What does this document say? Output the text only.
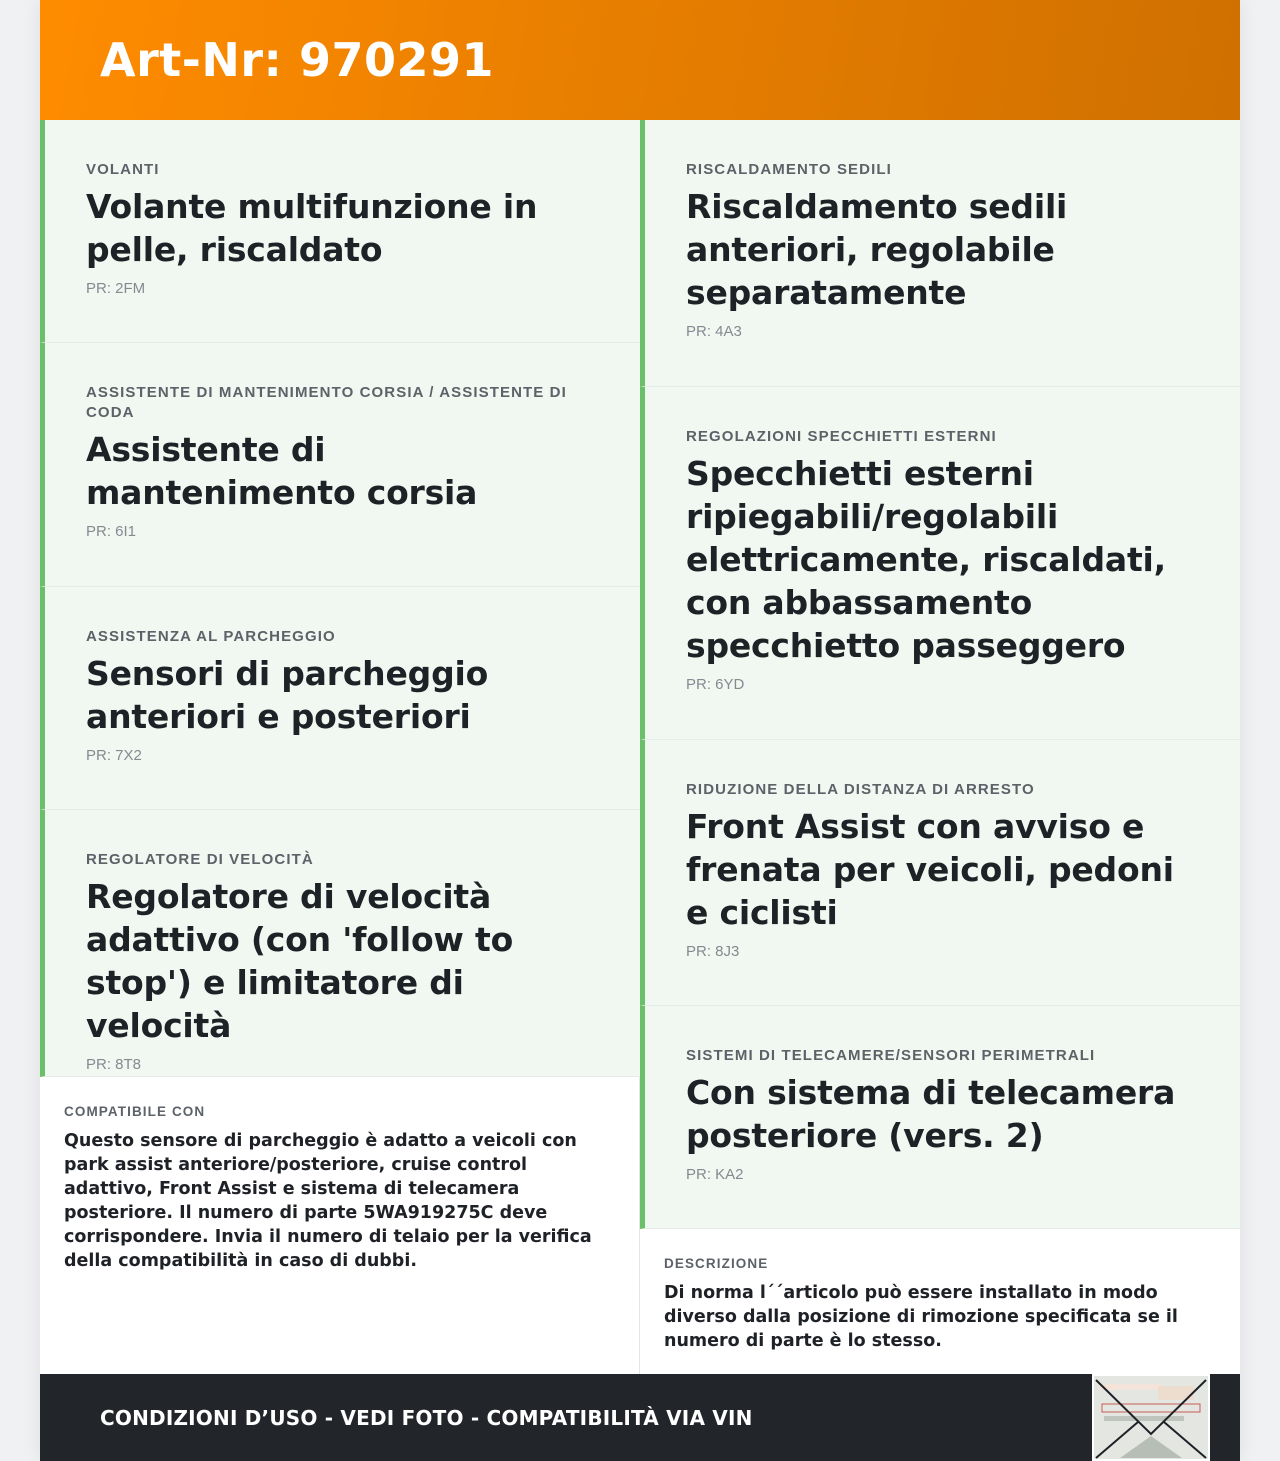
Art-Nr: 970291
VOLANTI
Volante multifunzione in pelle, riscaldato
PR: 2FM
ASSISTENTE DI MANTENIMENTO CORSIA / ASSISTENTE DI CODA
Assistente di mantenimento corsia
PR: 6I1
ASSISTENZA AL PARCHEGGIO
Sensori di parcheggio anteriori e posteriori
PR: 7X2
REGOLATORE DI VELOCITÀ
Regolatore di velocità adattivo (con 'follow to stop') e limitatore di velocità
PR: 8T8
COMPATIBILE CON
Questo sensore di parcheggio è adatto a veicoli con park assist anteriore/posteriore, cruise control adattivo, Front Assist e sistema di telecamera posteriore. Il numero di parte 5WA919275C deve corrispondere. Invia il numero di telaio per la verifica della compatibilità in caso di dubbi.
RISCALDAMENTO SEDILI
Riscaldamento sedili anteriori, regolabile separatamente
PR: 4A3
REGOLAZIONI SPECCHIETTI ESTERNI
Specchietti esterni ripiegabili/regolabili elettricamente, riscaldati, con abbassamento specchietto passeggero
PR: 6YD
RIDUZIONE DELLA DISTANZA DI ARRESTO
Front Assist con avviso e frenata per veicoli, pedoni e ciclisti
PR: 8J3
SISTEMI DI TELECAMERE/SENSORI PERIMETRALI
Con sistema di telecamera posteriore (vers. 2)
PR: KA2
DESCRIZIONE
Di norma l´´articolo può essere installato in modo diverso dalla posizione di rimozione specificata se il numero di parte è lo stesso.
CONDIZIONI D’USO - VEDI FOTO - COMPATIBILITÀ VIA VIN
